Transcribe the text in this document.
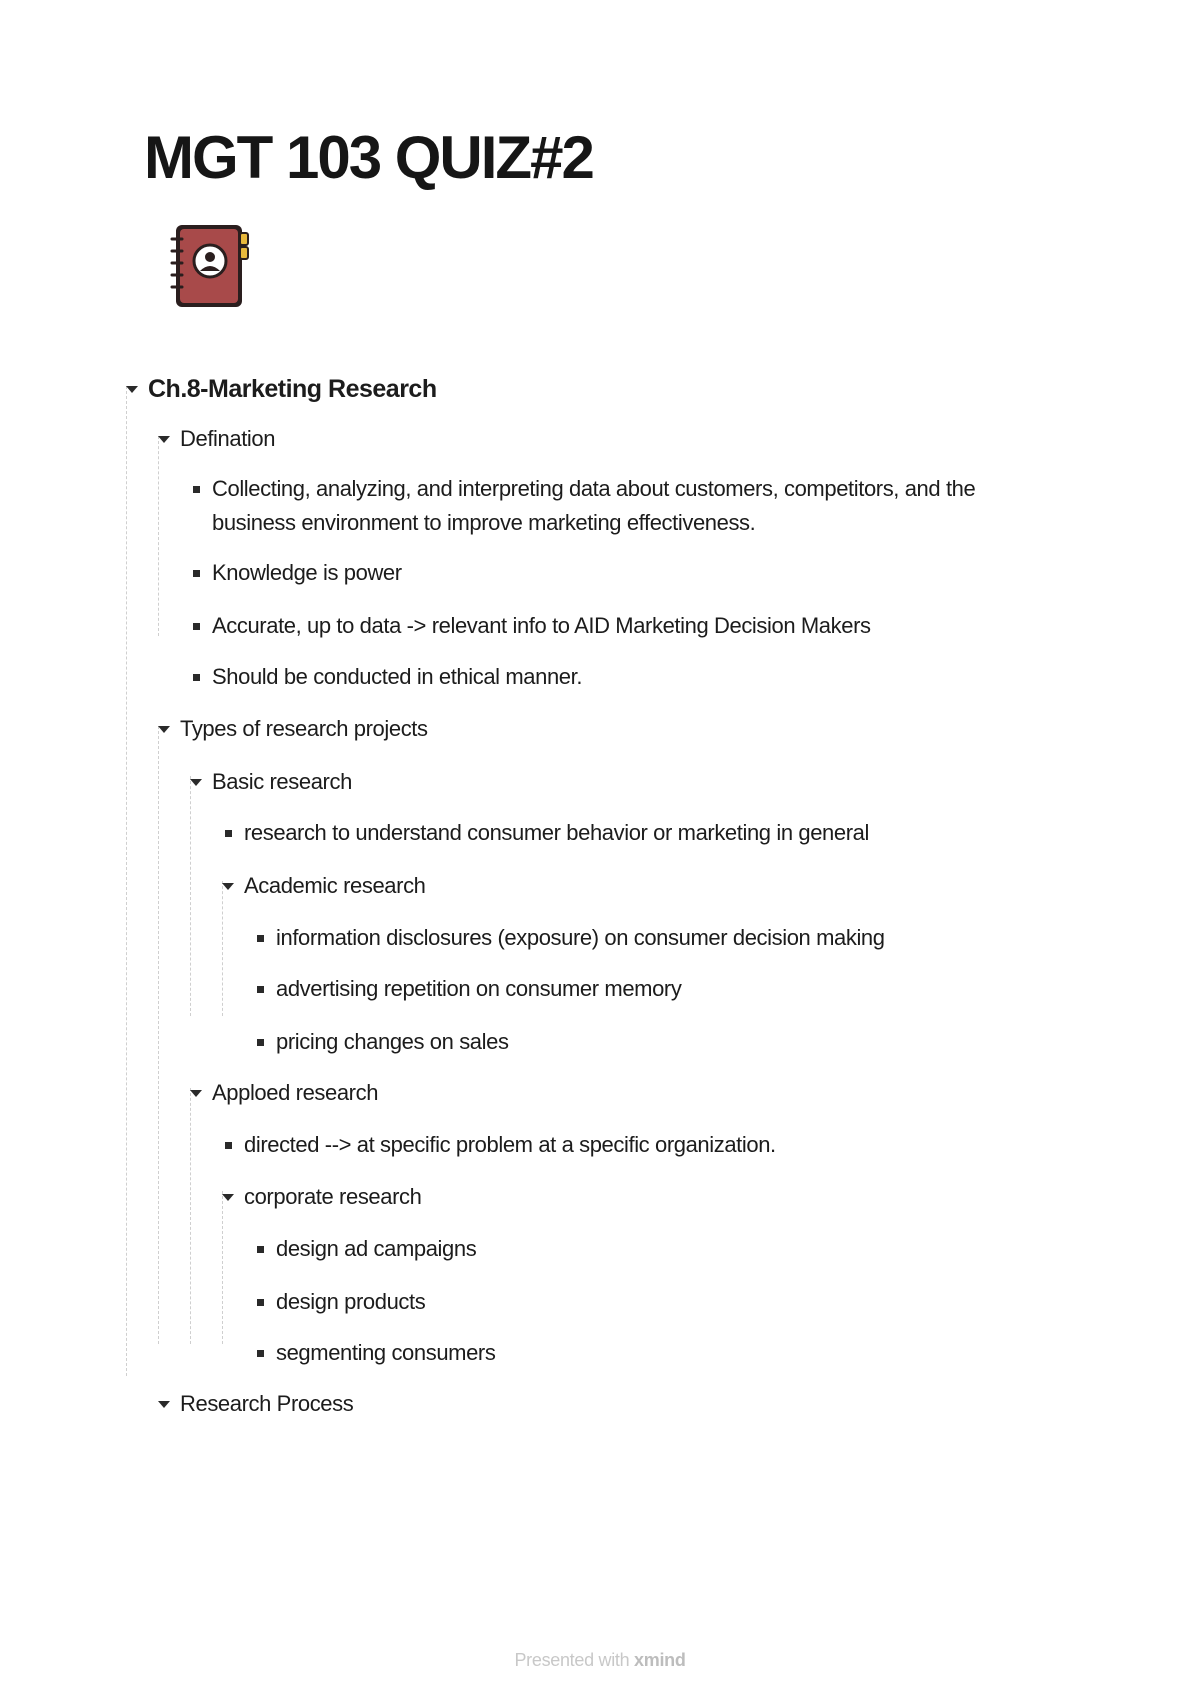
MGT 103 QUIZ#2
Ch.8-Marketing Research
Defination
Collecting, analyzing, and interpreting data about customers, competitors, and the business environment to improve marketing effectiveness.
Knowledge is power
Accurate, up to data -> relevant info to AID Marketing Decision Makers
Should be conducted in ethical manner.
Types of research projects
Basic research
research to understand consumer behavior or marketing in general
Academic research
information disclosures (exposure) on consumer decision making
advertising repetition on consumer memory
pricing changes on sales
Apploed research
directed --> at specific problem at a specific organization.
corporate research
design ad campaigns
design products
segmenting consumers
Research Process
Presented with xmind
